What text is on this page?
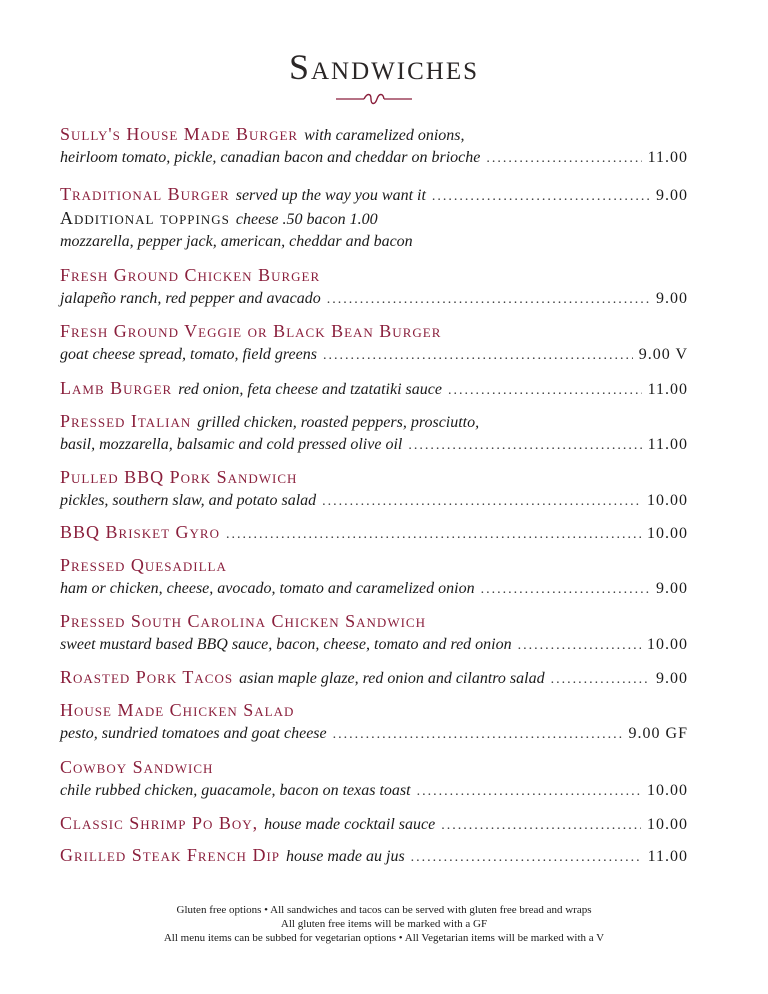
Sandwiches
Sully's House Made Burger with caramelized onions,
heirloom tomato, pickle, canadian bacon and cheddar on brioche .....	11.00
Traditional Burger served up the way you want it .....	9.00
Additional toppings cheese .50 bacon 1.00
mozzarella, pepper jack, american, cheddar and bacon
Fresh Ground Chicken Burger
jalapeño ranch, red pepper and avacado .....	9.00
Fresh Ground Veggie or Black Bean Burger
goat cheese spread, tomato, field greens .....	9.00 V
Lamb Burger red onion, feta cheese and tzatatiki sauce .....	11.00
Pressed Italian grilled chicken, roasted peppers, prosciutto,
basil, mozzarella, balsamic and cold pressed olive oil .....	11.00
Pulled BBQ Pork Sandwich
pickles, southern slaw, and potato salad .....	10.00
BBQ Brisket Gyro .....	10.00
Pressed Quesadilla
ham or chicken, cheese, avocado, tomato and caramelized onion .....	9.00
Pressed South Carolina Chicken Sandwich
sweet mustard based BBQ sauce, bacon, cheese, tomato and red onion .....	10.00
Roasted Pork Tacos asian maple glaze, red onion and cilantro salad .....	9.00
House Made Chicken Salad
pesto, sundried tomatoes and goat cheese .....	9.00 GF
Cowboy Sandwich
chile rubbed chicken, guacamole, bacon on texas toast .....	10.00
Classic Shrimp Po Boy, house made cocktail sauce .....	10.00
Grilled Steak French Dip house made au jus .....	11.00
Gluten free options • All sandwiches and tacos can be served with gluten free bread and wraps
All gluten free items will be marked with a GF
All menu items can be subbed for vegetarian options • All Vegetarian items will be marked with a V
